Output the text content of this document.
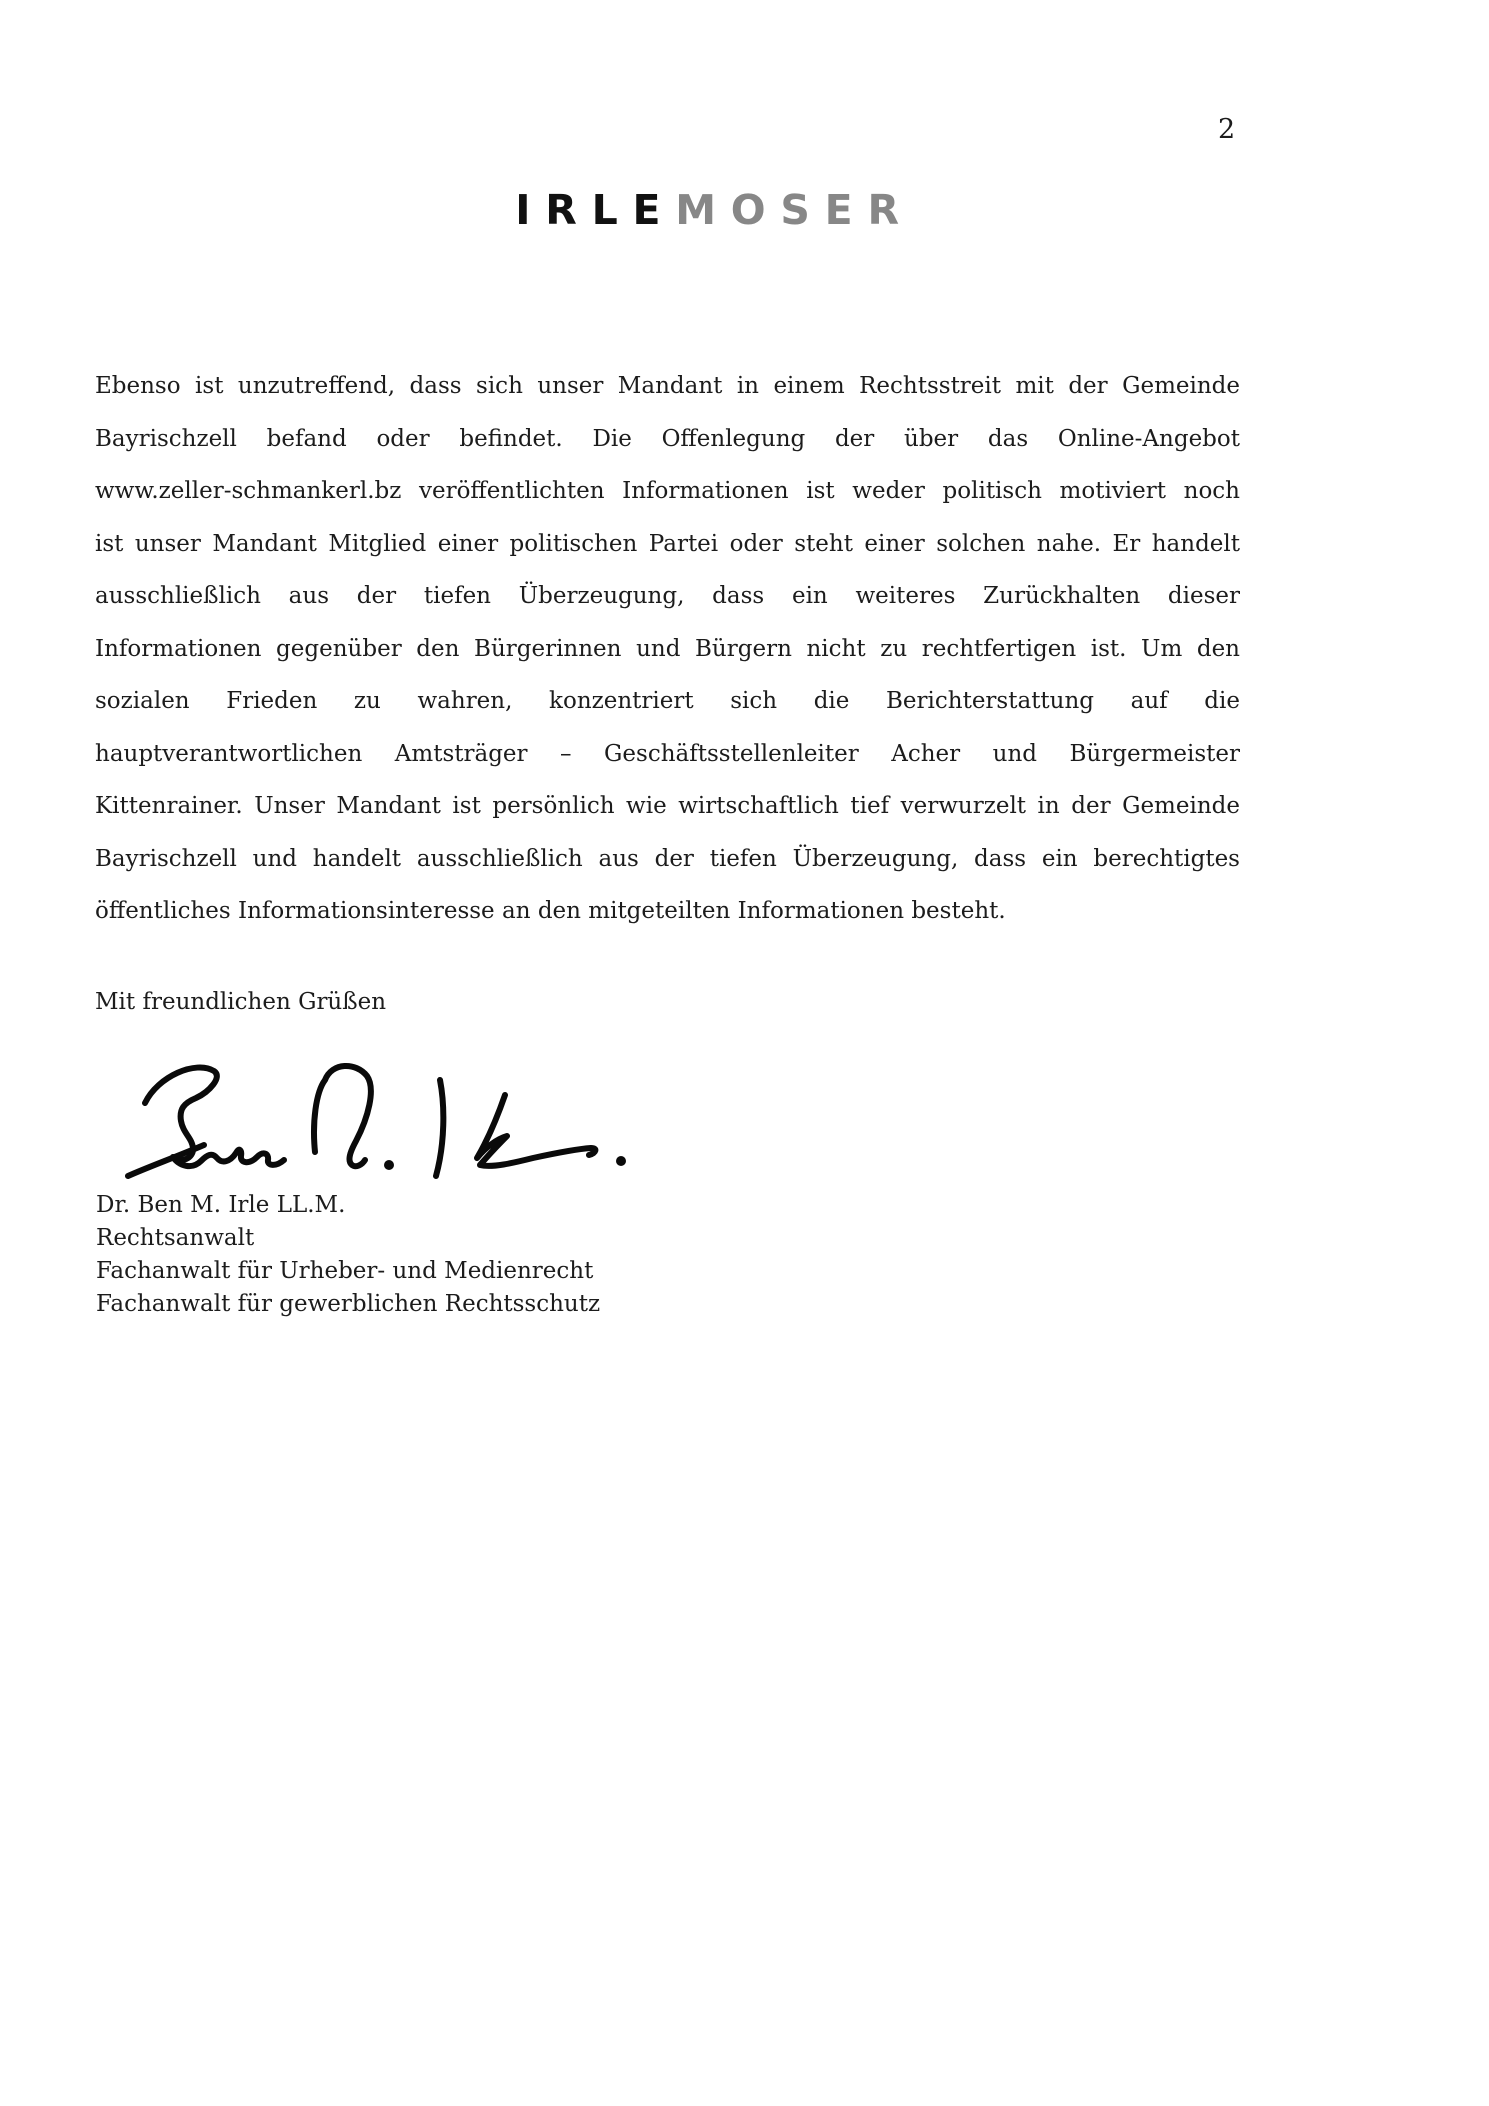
2
IRLEMOSER
Ebenso ist unzutreffend, dass sich unser Mandant in einem Rechtsstreit mit der Gemeinde
Bayrischzell befand oder befindet. Die Offenlegung der über das Online-Angebot
www.zeller-schmankerl.bz veröffentlichten Informationen ist weder politisch motiviert noch
ist unser Mandant Mitglied einer politischen Partei oder steht einer solchen nahe. Er handelt
ausschließlich aus der tiefen Überzeugung, dass ein weiteres Zurückhalten dieser
Informationen gegenüber den Bürgerinnen und Bürgern nicht zu rechtfertigen ist. Um den
sozialen Frieden zu wahren, konzentriert sich die Berichterstattung auf die
hauptverantwortlichen Amtsträger – Geschäftsstellenleiter Acher und Bürgermeister
Kittenrainer. Unser Mandant ist persönlich wie wirtschaftlich tief verwurzelt in der Gemeinde
Bayrischzell und handelt ausschließlich aus der tiefen Überzeugung, dass ein berechtigtes
öffentliches Informationsinteresse an den mitgeteilten Informationen besteht.
Mit freundlichen Grüßen
Dr. Ben M. Irle LL.M.
Rechtsanwalt
Fachanwalt für Urheber- und Medienrecht
Fachanwalt für gewerblichen Rechtsschutz
